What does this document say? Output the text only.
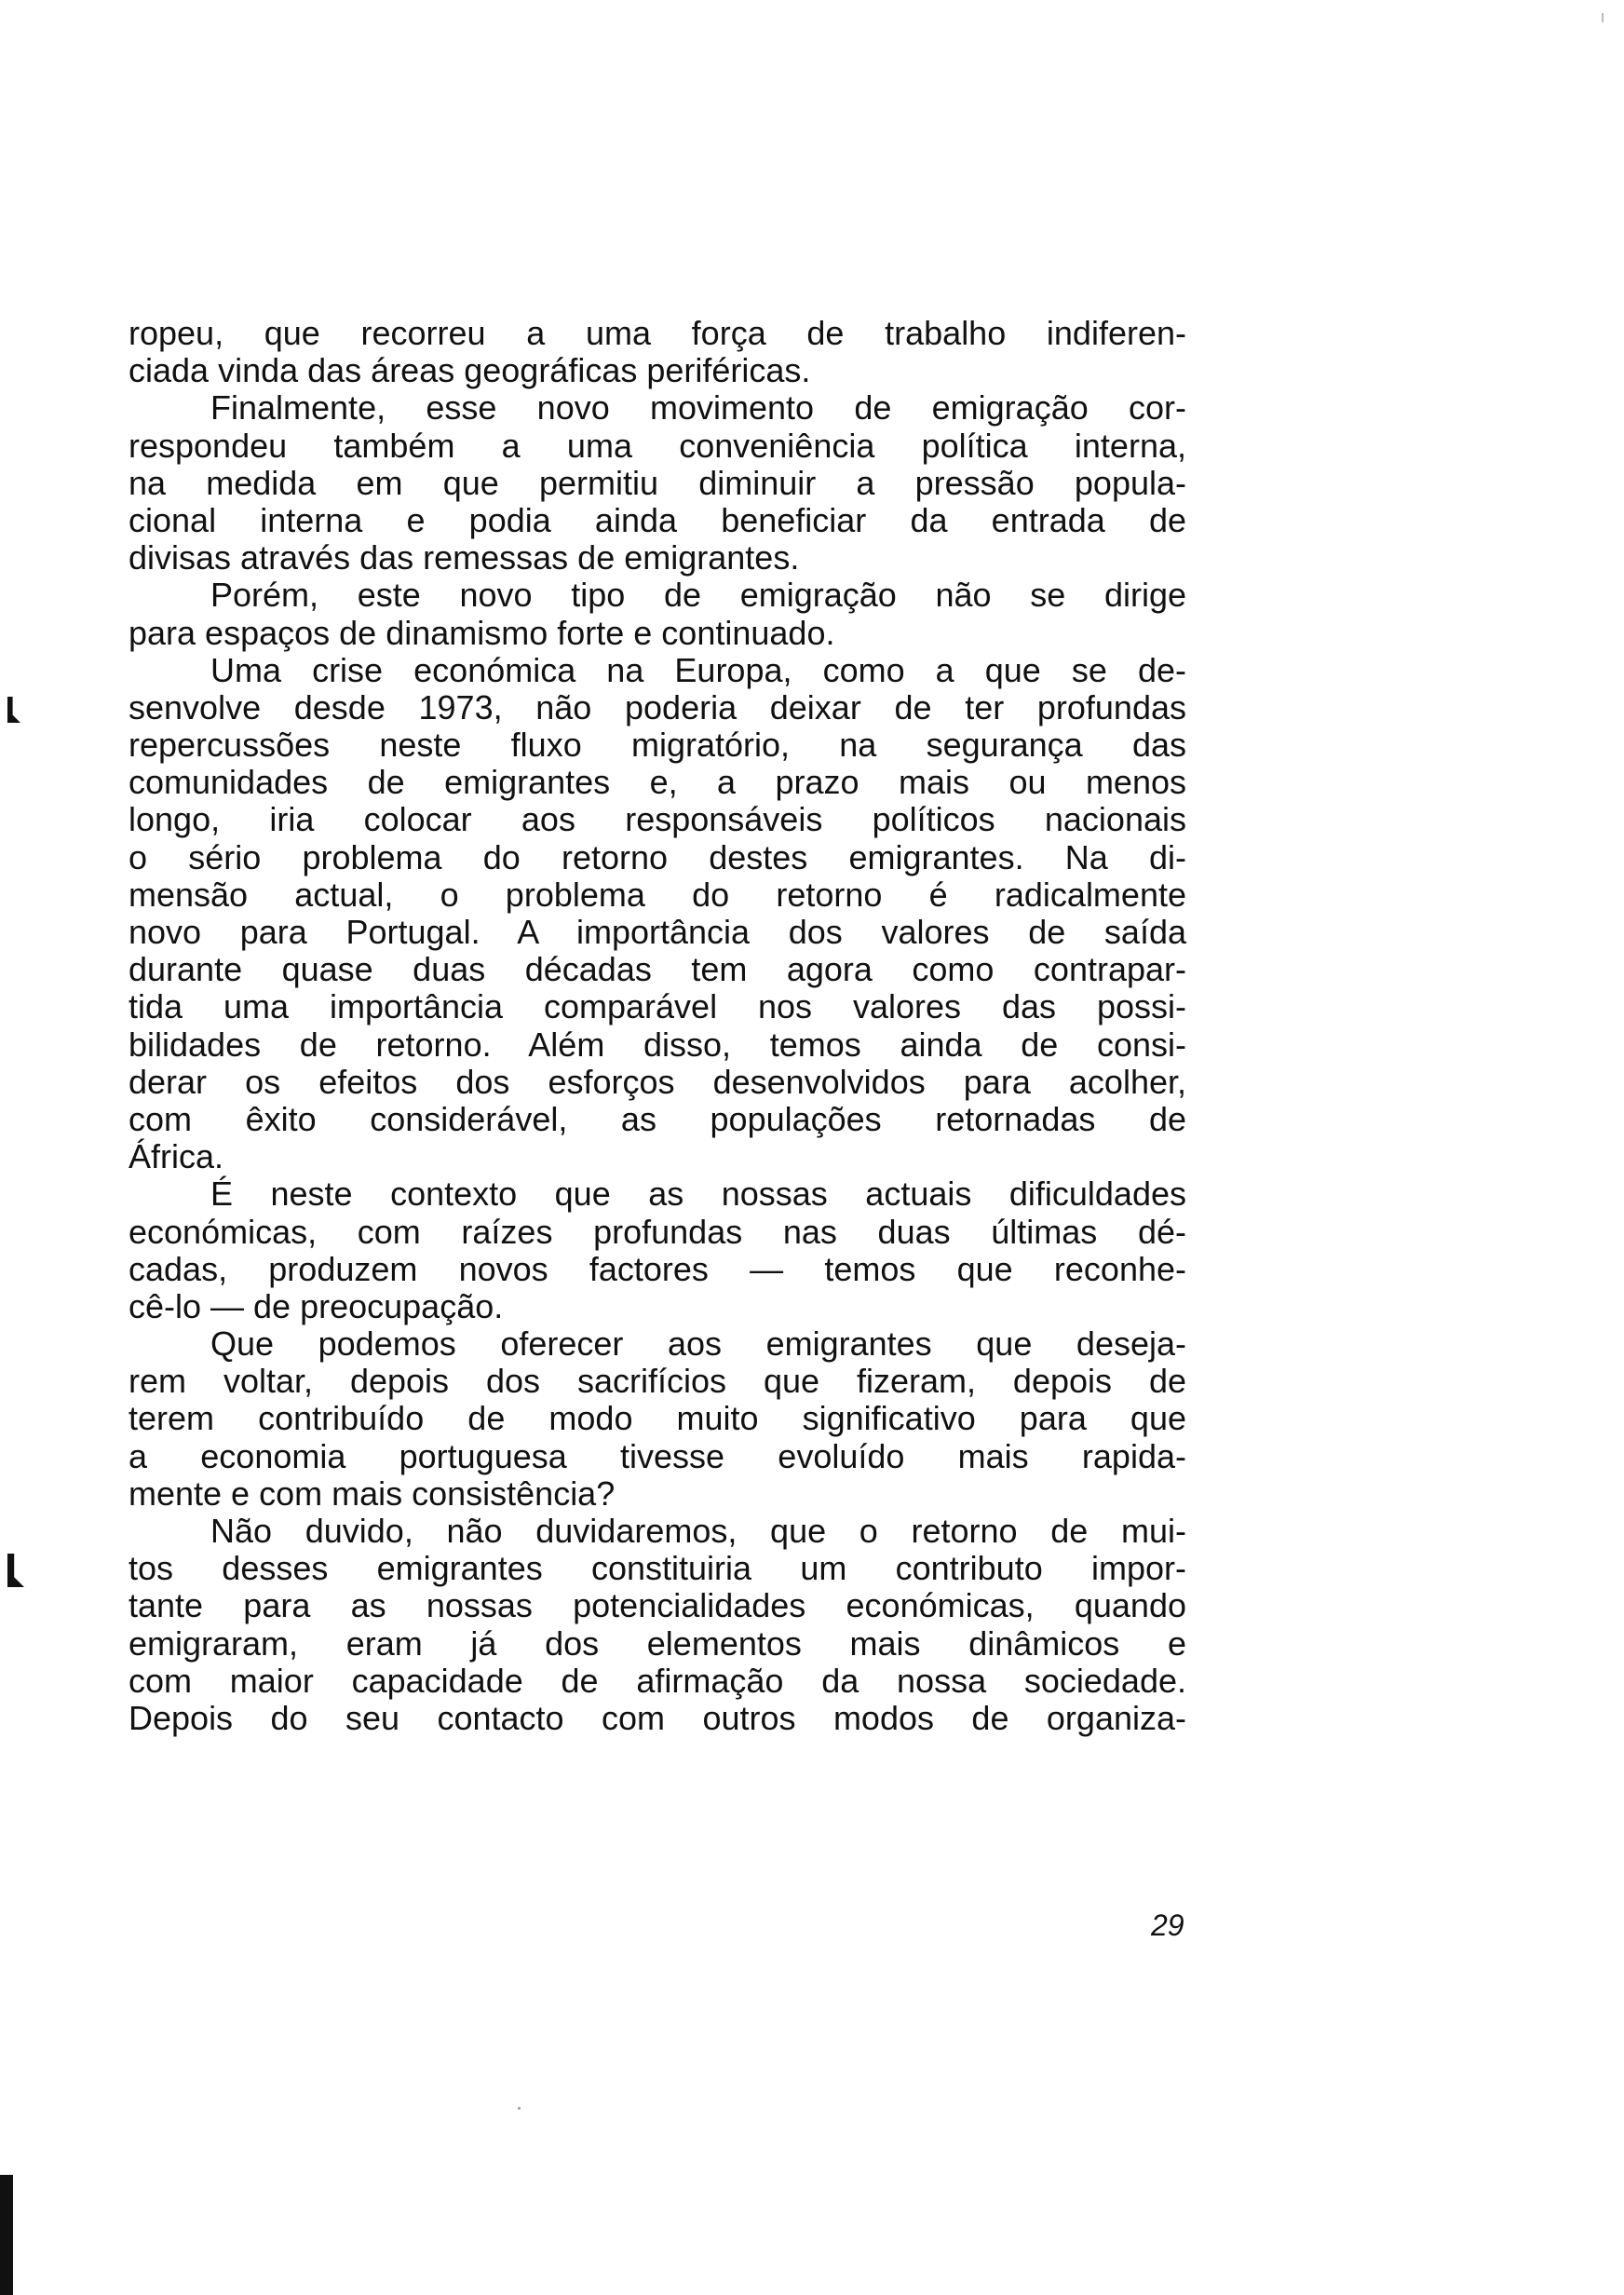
ropeu, que recorreu a uma força de trabalho indiferen-
ciada vinda das áreas geográficas periféricas.
Finalmente, esse novo movimento de emigração cor-
respondeu também a uma conveniência política interna,
na medida em que permitiu diminuir a pressão popula-
cional interna e podia ainda beneficiar da entrada de
divisas através das remessas de emigrantes.
Porém, este novo tipo de emigração não se dirige
para espaços de dinamismo forte e continuado.
Uma crise económica na Europa, como a que se de-
senvolve desde 1973, não poderia deixar de ter profundas
repercussões neste fluxo migratório, na segurança das
comunidades de emigrantes e, a prazo mais ou menos
longo, iria colocar aos responsáveis políticos nacionais
o sério problema do retorno destes emigrantes. Na di-
mensão actual, o problema do retorno é radicalmente
novo para Portugal. A importância dos valores de saída
durante quase duas décadas tem agora como contrapar-
tida uma importância comparável nos valores das possi-
bilidades de retorno. Além disso, temos ainda de consi-
derar os efeitos dos esforços desenvolvidos para acolher,
com êxito considerável, as populações retornadas de
África.
É neste contexto que as nossas actuais dificuldades
económicas, com raízes profundas nas duas últimas dé-
cadas, produzem novos factores — temos que reconhe-
cê-lo — de preocupação.
Que podemos oferecer aos emigrantes que deseja-
rem voltar, depois dos sacrifícios que fizeram, depois de
terem contribuído de modo muito significativo para que
a economia portuguesa tivesse evoluído mais rapida-
mente e com mais consistência?
Não duvido, não duvidaremos, que o retorno de mui-
tos desses emigrantes constituiria um contributo impor-
tante para as nossas potencialidades económicas, quando
emigraram, eram já dos elementos mais dinâmicos e
com maior capacidade de afirmação da nossa sociedade.
Depois do seu contacto com outros modos de organiza-
29
